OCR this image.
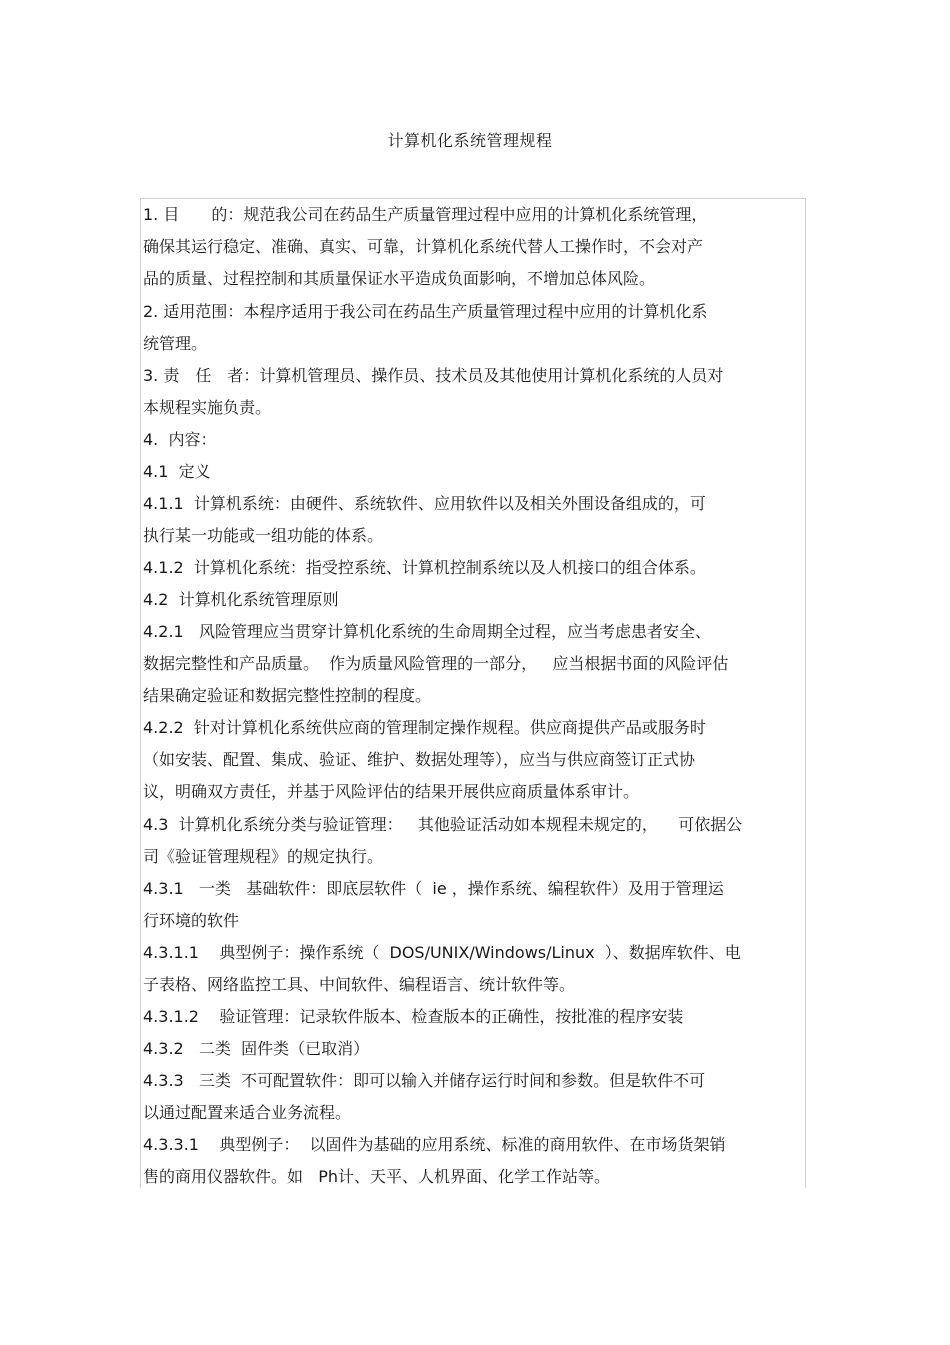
计算机化系统管理规程
1. 目　　的：规范我公司在药品生产质量管理过程中应用的计算机化系统管理，
确保其运行稳定、准确、真实、可靠，计算机化系统代替人工操作时，不会对产
品的质量、过程控制和其质量保证水平造成负面影响，不增加总体风险。
2. 适用范围：本程序适用于我公司在药品生产质量管理过程中应用的计算机化系
统管理。
3. 责　任　者：计算机管理员、操作员、技术员及其他使用计算机化系统的人员对
本规程实施负责。
4.  内容：
4.1  定义
4.1.1  计算机系统：由硬件、系统软件、应用软件以及相关外围设备组成的，可
执行某一功能或一组功能的体系。
4.1.2  计算机化系统：指受控系统、计算机控制系统以及人机接口的组合体系。
4.2  计算机化系统管理原则
4.2.1   风险管理应当贯穿计算机化系统的生命周期全过程，应当考虑患者安全、
数据完整性和产品质量。  作为质量风险管理的一部分，   应当根据书面的风险评估
结果确定验证和数据完整性控制的程度。
4.2.2  针对计算机化系统供应商的管理制定操作规程。供应商提供产品或服务时
（如安装、配置、集成、验证、维护、数据处理等），应当与供应商签订正式协
议，明确双方责任，并基于风险评估的结果开展供应商质量体系审计。
4.3  计算机化系统分类与验证管理：   其他验证活动如本规程未规定的，    可依据公
司《验证管理规程》的规定执行。
4.3.1   一类   基础软件：即底层软件（  ie ，操作系统、编程软件）及用于管理运
行环境的软件
4.3.1.1    典型例子：操作系统（  DOS/UNIX/Windows/Linux  ）、数据库软件、电
子表格、网络监控工具、中间软件、编程语言、统计软件等。
4.3.1.2    验证管理：记录软件版本、检查版本的正确性，按批准的程序安装
4.3.2   二类  固件类（已取消）
4.3.3   三类  不可配置软件：即可以输入并储存运行时间和参数。但是软件不可
以通过配置来适合业务流程。
4.3.3.1    典型例子：  以固件为基础的应用系统、标准的商用软件、在市场货架销
售的商用仪器软件。如   Ph计、天平、人机界面、化学工作站等。
